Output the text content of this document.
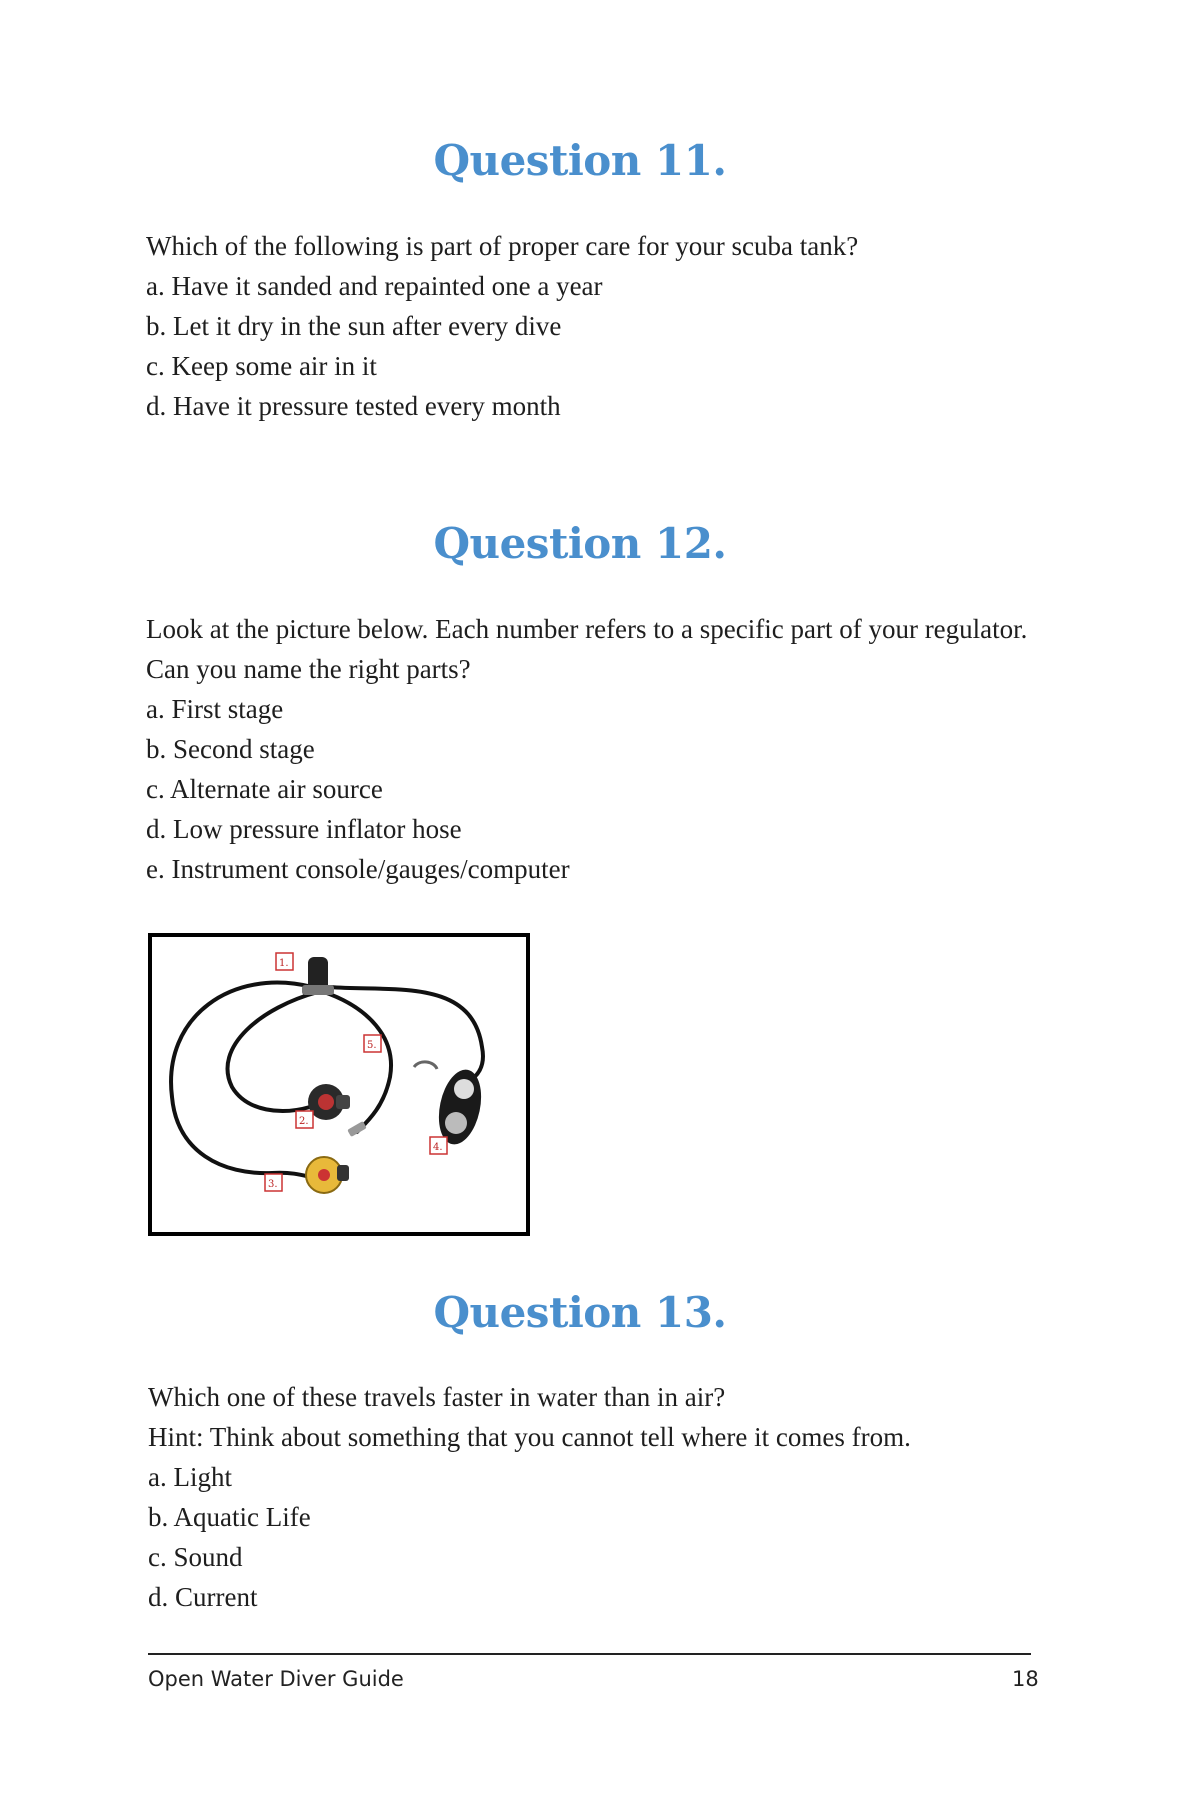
Question 11.
Which of the following is part of proper care for your scuba tank?
a. Have it sanded and repainted one a year
b. Let it dry in the sun after every dive
c. Keep some air in it
d. Have it pressure tested every month
Question 12.
Look at the picture below. Each number refers to a specific part of your regulator.
Can you name the right parts?
a. First stage
b. Second stage
c. Alternate air source
d. Low pressure inflator hose
e. Instrument console/gauges/computer
1.
2.
3.
4.
5.
Question 13.
Which one of these travels faster in water than in air?
Hint: Think about something that you cannot tell where it comes from.
a. Light
b. Aquatic Life
c. Sound
d. Current
Open Water Diver Guide	18
